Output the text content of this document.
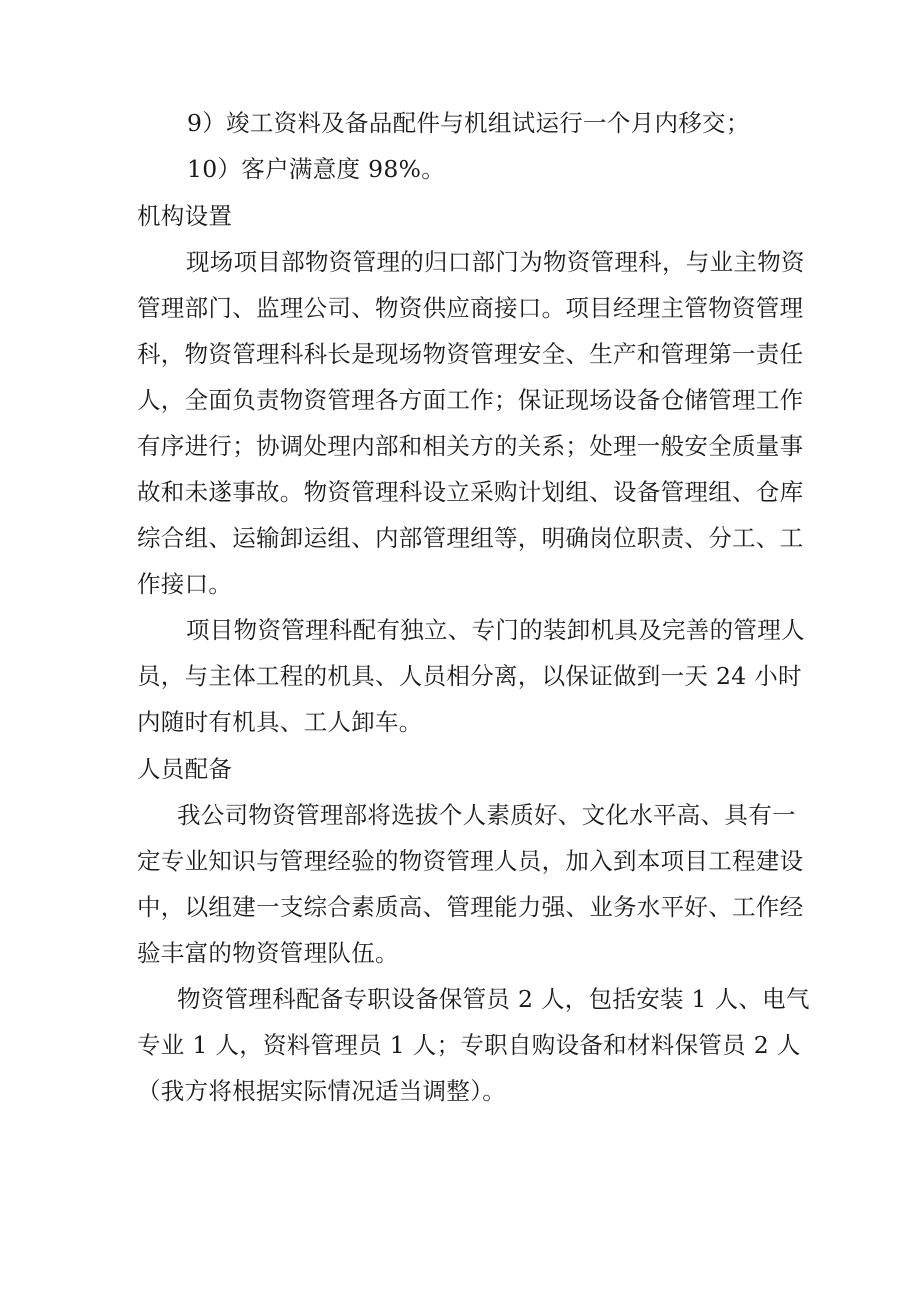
9）竣工资料及备品配件与机组试运行一个月内移交；
10）客户满意度 98%。
机构设置
现场项目部物资管理的归口部门为物资管理科，与业主物资
管理部门、监理公司、物资供应商接口。项目经理主管物资管理
科，物资管理科科长是现场物资管理安全、生产和管理第一责任
人，全面负责物资管理各方面工作；保证现场设备仓储管理工作
有序进行；协调处理内部和相关方的关系；处理一般安全质量事
故和未遂事故。物资管理科设立采购计划组、设备管理组、仓库
综合组、运输卸运组、内部管理组等，明确岗位职责、分工、工
作接口。
项目物资管理科配有独立、专门的装卸机具及完善的管理人
员，与主体工程的机具、人员相分离，以保证做到一天 24 小时
内随时有机具、工人卸车。
人员配备
我公司物资管理部将选拔个人素质好、文化水平高、具有一
定专业知识与管理经验的物资管理人员，加入到本项目工程建设
中，以组建一支综合素质高、管理能力强、业务水平好、工作经
验丰富的物资管理队伍。
物资管理科配备专职设备保管员 2 人，包括安装 1 人、电气
专业 1 人，资料管理员 1 人；专职自购设备和材料保管员 2 人
（我方将根据实际情况适当调整）。
